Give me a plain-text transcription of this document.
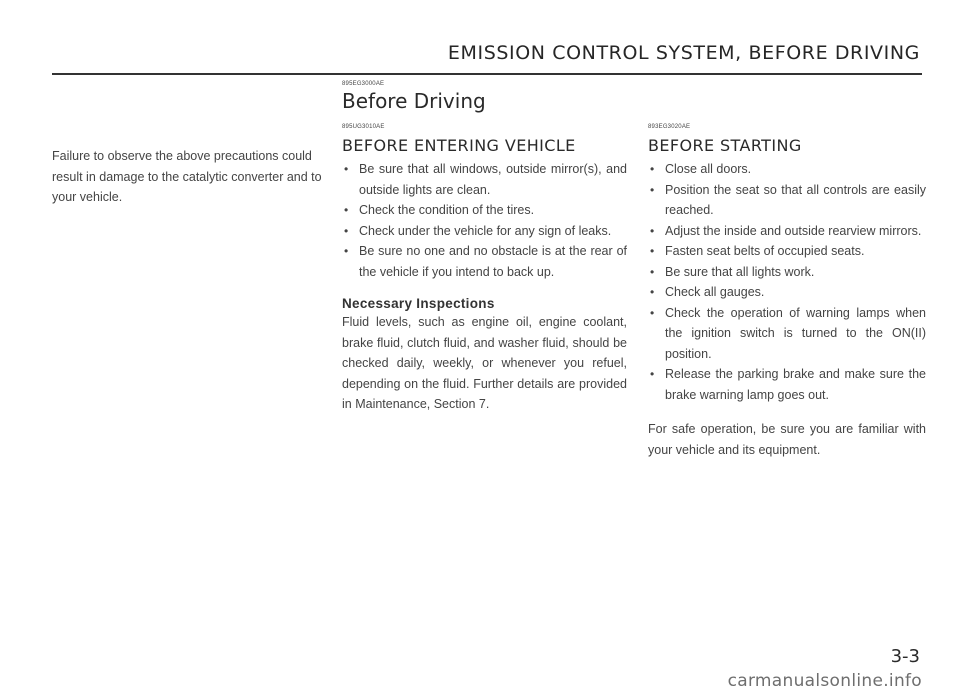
EMISSION CONTROL SYSTEM, BEFORE DRIVING
895EG3000AE
Before Driving
Failure to observe the above precautions could result in damage to the catalytic converter and to your vehicle.
895UG3010AE
BEFORE ENTERING VEHICLE
• Be sure that all windows, outside mirror(s), and outside lights are clean.
• Check the condition of the tires.
• Check under the vehicle for any sign of leaks.
• Be sure no one and no obstacle is at the rear of the vehicle if you intend to back up.
Necessary Inspections
Fluid levels, such as engine oil, engine coolant, brake fluid, clutch fluid, and washer fluid, should be checked daily, weekly, or whenever you refuel, depending on the fluid. Further details are provided in Maintenance, Section 7.
893EG3020AE
BEFORE STARTING
• Close all doors.
• Position the seat so that all controls are easily reached.
• Adjust the inside and outside rearview mirrors.
• Fasten seat belts of occupied seats.
• Be sure that all lights work.
• Check all gauges.
• Check the operation of warning lamps when the ignition switch is turned to the ON(II) position.
• Release the parking brake and make sure the brake warning lamp goes out.
For safe operation, be sure you are familiar with your vehicle and its equipment.
3-3
carmanualsonline.info
